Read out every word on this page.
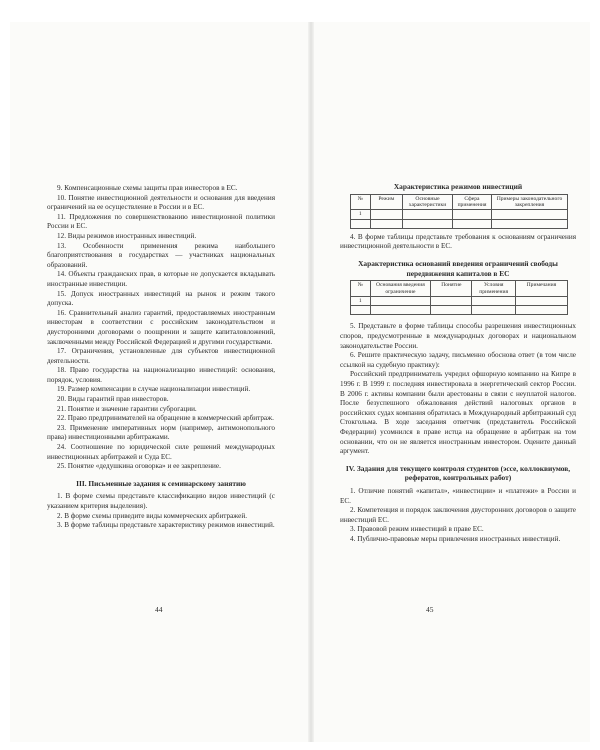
9. Компенсационные схемы защиты прав инвесторов в ЕС.

10. Понятие инвестиционной деятельности и основания для введения ограничений на ее осуществление в России и в ЕС.

11. Предложения по совершенствованию инвестиционной политики России и ЕС.

12. Виды режимов иностранных инвестиций.

13. Особенности применения режима наибольшего благоприятствования в государствах — участниках национальных образований.

14. Объекты гражданских прав, в которые не допускается вкладывать иностранные инвестиции.

15. Допуск иностранных инвестиций на рынок и режим такого допуска.

16. Сравнительный анализ гарантий, предоставляемых иностранным инвесторам в соответствии с российским законодательством и двусторонними договорами о поощрении и защите капиталовложений, заключенными между Российской Федерацией и другими государствами.

17. Ограничения, установленные для субъектов инвестиционной деятельности.

18. Право государства на национализацию инвестиций: основания, порядок, условия.

19. Размер компенсации в случае национализации инвестиций.

20. Виды гарантий прав инвесторов.

21. Понятие и значение гарантии суброгации.

22. Право предпринимателей на обращение в коммерческий арбитраж.

23. Применение императивных норм (например, антимонопольного права) инвестиционными арбитражами.

24. Соотношение по юридической силе решений международных инвестиционных арбитражей и Суда ЕС.

25. Понятие «дедушкина оговорка» и ее закрепление.

III. Письменные задания к семинарскому занятию

1. В форме схемы представьте классификацию видов инвестиций (с указанием критерия выделения).

2. В форме схемы приведите виды коммерческих арбитражей.

3. В форме таблицы представьте характеристику режимов инвестиций.

44

Характеристика режимов инвестиций

№	Режим	Основные характеристики	Сфера применения	Примеры законодательного закрепления
1				

4. В форме таблицы представьте требования к основаниям ограничения инвестиционной деятельности в ЕС.

Характеристика оснований введения ограничений свободы передвижения капиталов в ЕС

№	Основания введения ограничение	Понятие	Условия применения	Примечания
1				

5. Представьте в форме таблицы способы разрешения инвестиционных споров, предусмотренные в международных договорах и национальном законодательстве России.

6. Решите практическую задачу, письменно обоснова ответ (в том числе ссылкой на судебную практику):

Российский предприниматель учредил офшорную компанию на Кипре в 1996 г. В 1999 г. последняя инвестировала в энергетический сектор России. В 2006 г. активы компании были арестованы в связи с неуплатой налогов. После безуспешного обжалования действий налоговых органов в российских судах компания обратилась в Международный арбитражный суд Стокгольма. В ходе заседания ответчик (представитель Российской Федерации) усомнился в праве истца на обращение в арбитраж на том основании, что он не является иностранным инвестором. Оцените данный аргумент.

IV. Задания для текущего контроля студентов (эссе, коллоквиумов, рефератов, контрольных работ)

1. Отличие понятий «капитал», «инвестиции» и «платежи» в России и ЕС.

2. Компетенция и порядок заключения двусторонних договоров о защите инвестиций ЕС.

3. Правовой режим инвестиций в праве ЕС.

4. Публично-правовые меры привлечения иностранных инвестиций.

45
